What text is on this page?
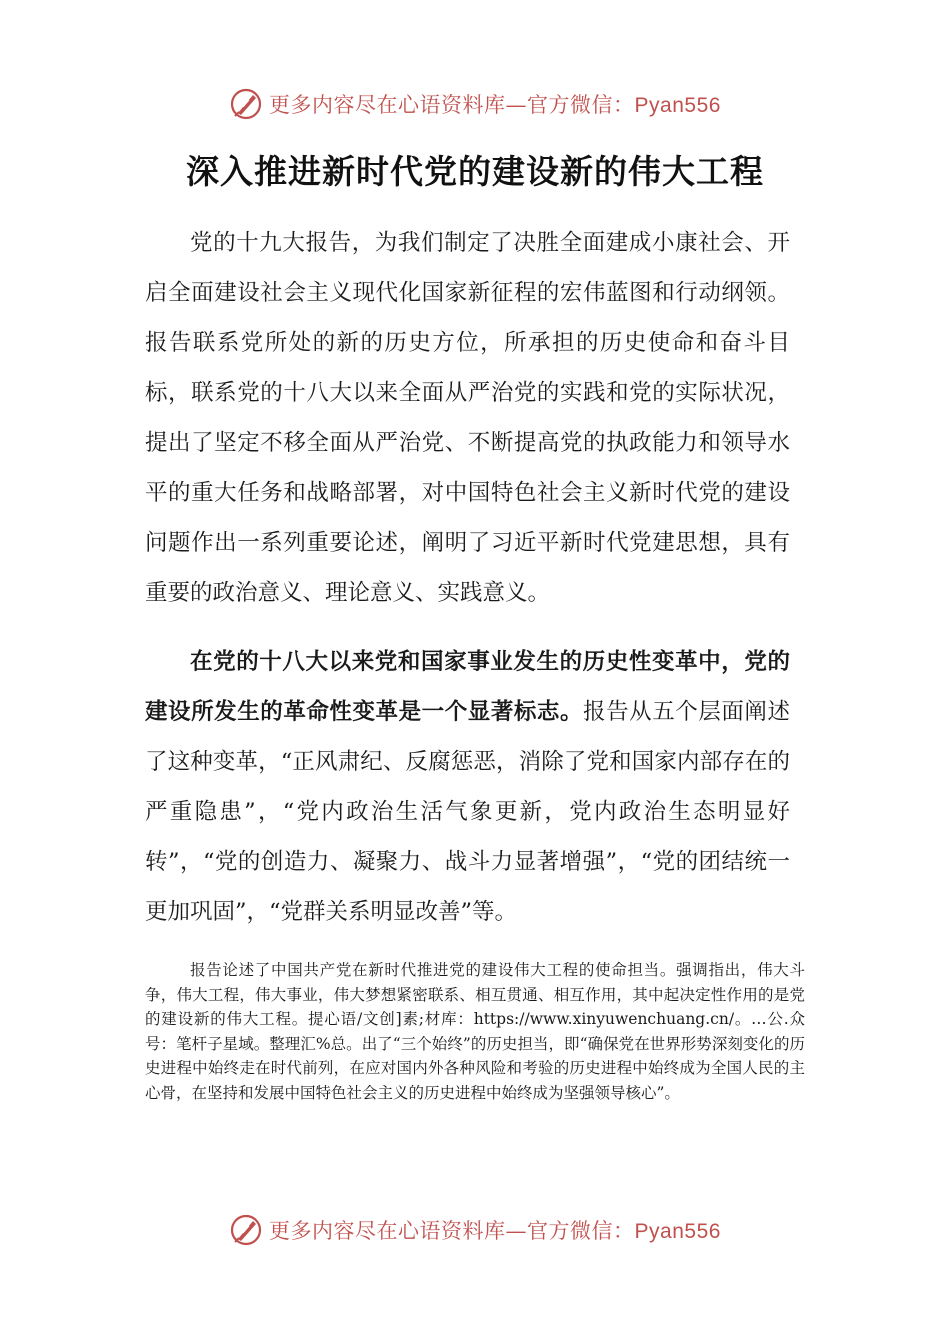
更多内容尽在心语资料库—官方微信：Pyan556
深入推进新时代党的建设新的伟大工程

党的十九大报告，为我们制定了决胜全面建成小康社会、开启全面建设社会主义现代化国家新征程的宏伟蓝图和行动纲领。报告联系党所处的新的历史方位，所承担的历史使命和奋斗目标，联系党的十八大以来全面从严治党的实践和党的实际状况，提出了坚定不移全面从严治党、不断提高党的执政能力和领导水平的重大任务和战略部署，对中国特色社会主义新时代党的建设问题作出一系列重要论述，阐明了习近平新时代党建思想，具有重要的政治意义、理论意义、实践意义。

在党的十八大以来党和国家事业发生的历史性变革中，党的建设所发生的革命性变革是一个显著标志。报告从五个层面阐述了这种变革，“正风肃纪、反腐惩恶，消除了党和国家内部存在的严重隐患”，“党内政治生活气象更新，党内政治生态明显好转”，“党的创造力、凝聚力、战斗力显著增强”，“党的团结统一更加巩固”，“党群关系明显改善”等。

报告论述了中国共产党在新时代推进党的建设伟大工程的使命担当。强调指出，伟大斗争，伟大工程，伟大事业，伟大梦想紧密联系、相互贯通、相互作用，其中起决定性作用的是党的建设新的伟大工程。提心语/文创]素;材库：https://www.xinyuwenchuang.cn/。…公.众号：笔杆子星域。整理汇%总。出了“三个始终”的历史担当，即“确保党在世界形势深刻变化的历史进程中始终走在时代前列，在应对国内外各种风险和考验的历史进程中始终成为全国人民的主心骨，在坚持和发展中国特色社会主义的历史进程中始终成为坚强领导核心”。

更多内容尽在心语资料库—官方微信：Pyan556
